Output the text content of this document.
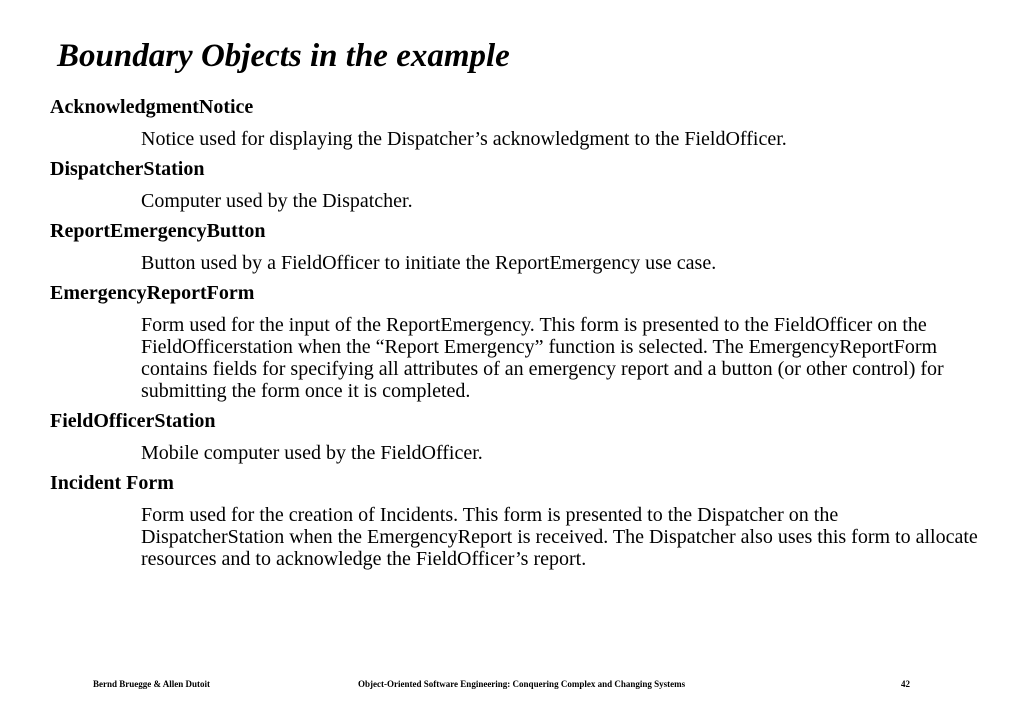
Boundary Objects in the example
AcknowledgmentNotice
Notice used for displaying the Dispatcher’s acknowledgment to the FieldOfficer.
DispatcherStation
Computer used by the Dispatcher.
ReportEmergencyButton
Button used by a FieldOfficer to initiate the ReportEmergency use case.
EmergencyReportForm
Form used for the input of the ReportEmergency. This form is presented to the FieldOfficer on the FieldOfficerstation when the “Report Emergency” function is selected. The EmergencyReportForm contains fields for specifying all attributes of an emergency report and a button (or other control) for submitting the form once it is completed.
FieldOfficerStation
Mobile computer used by the FieldOfficer.
Incident Form
Form used for the creation of Incidents. This form is presented to the Dispatcher on the DispatcherStation when the EmergencyReport is received. The Dispatcher also uses this form to allocate resources and to acknowledge the FieldOfficer’s report.
Bernd Bruegge & Allen Dutoit	Object-Oriented Software Engineering: Conquering Complex and Changing Systems	42
